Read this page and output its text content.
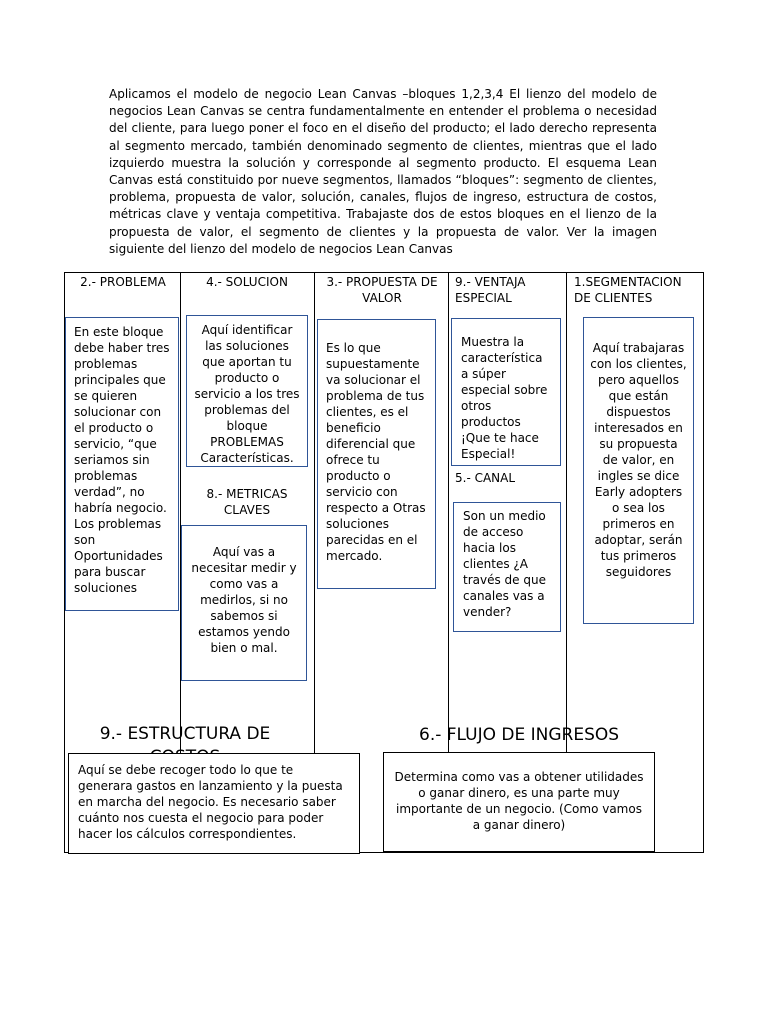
Aplicamos el modelo de negocio Lean Canvas –bloques 1,2,3,4 El lienzo del modelo de negocios Lean Canvas se centra fundamentalmente en entender el problema o necesidad del cliente, para luego poner el foco en el diseño del producto; el lado derecho representa al segmento mercado, también denominado segmento de clientes, mientras que el lado izquierdo muestra la solución y corresponde al segmento producto. El esquema Lean Canvas está constituido por nueve segmentos, llamados “bloques”: segmento de clientes, problema, propuesta de valor, solución, canales, flujos de ingreso, estructura de costos, métricas clave y ventaja competitiva. Trabajaste dos de estos bloques en el lienzo de la propuesta de valor, el segmento de clientes y la propuesta de valor. Ver la imagen siguiente del lienzo del modelo de negocios Lean Canvas

2.- PROBLEMA
En este bloque debe haber tres problemas principales que se quieren solucionar con el producto o servicio, “que seriamos sin problemas verdad”, no habría negocio. Los problemas son Oportunidades para buscar soluciones
4.- SOLUCION
Aquí identificar las soluciones que aportan tu producto o servicio a los tres problemas del bloque PROBLEMAS Características.
8.- METRICAS CLAVES
Aquí vas a necesitar medir y como vas a medirlos, si no sabemos si estamos yendo bien o mal.
3.- PROPUESTA DE VALOR
Es lo que supuestamente va solucionar el problema de tus clientes, es el beneficio diferencial que ofrece tu producto o servicio con respecto a Otras soluciones parecidas en el mercado.
9.- VENTAJA ESPECIAL
Muestra la característica a súper especial sobre otros productos ¡Que te hace Especial!
5.- CANAL
Son un medio de acceso hacia los clientes ¿A través de que canales vas a vender?
1.SEGMENTACION DE CLIENTES
Aquí trabajaras con los clientes, pero aquellos que están dispuestos interesados en su propuesta de valor, en ingles se dice Early adopters o sea los primeros en adoptar, serán tus primeros seguidores
9.- ESTRUCTURA DE
Aquí se debe recoger todo lo que te generara gastos en lanzamiento y la puesta en marcha del negocio. Es necesario saber cuánto nos cuesta el negocio para poder hacer los cálculos correspondientes.
6.- FLUJO DE INGRESOS
Determina como vas a obtener utilidades o ganar dinero, es una parte muy importante de un negocio. (Como vamos a ganar dinero)
